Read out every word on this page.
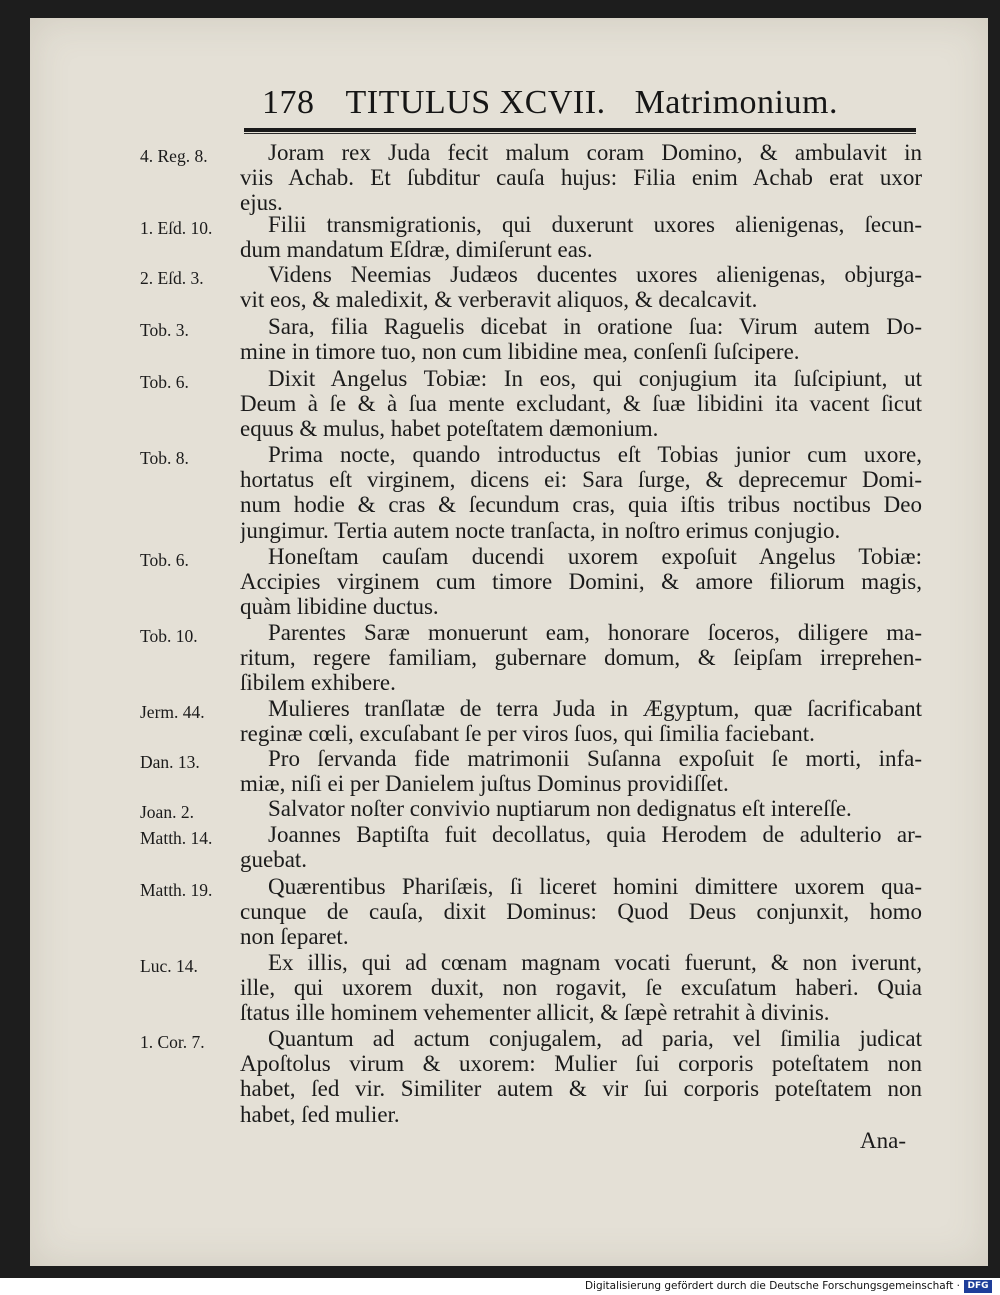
178 TITULUS XCVII. Matrimonium.
4. Reg. 8.	Joram rex Juda fecit malum coram Domino, & ambulavit in
viis Achab. Et ſubditur cauſa hujus: Filia enim Achab erat uxor
ejus.
1. Eſd. 10.	Filii transmigrationis, qui duxerunt uxores alienigenas, ſecun-
dum mandatum Eſdræ, dimiſerunt eas.
2. Eſd. 3.	Videns Neemias Judæos ducentes uxores alienigenas, objurga-
vit eos, & maledixit, & verberavit aliquos, & decalcavit.
Tob. 3.	Sara, filia Raguelis dicebat in oratione ſua: Virum autem Do-
mine in timore tuo, non cum libidine mea, conſenſi ſuſcipere.
Tob. 6.	Dixit Angelus Tobiæ: In eos, qui conjugium ita ſuſcipiunt, ut
Deum à ſe & à ſua mente excludant, & ſuæ libidini ita vacent ſicut
equus & mulus, habet poteſtatem dæmonium.
Tob. 8.	Prima nocte, quando introductus eſt Tobias junior cum uxore,
hortatus eſt virginem, dicens ei: Sara ſurge, & deprecemur Domi-
num hodie & cras & ſecundum cras, quia iſtis tribus noctibus Deo
jungimur. Tertia autem nocte tranſacta, in noſtro erimus conjugio.
Tob. 6.	Honeſtam cauſam ducendi uxorem expoſuit Angelus Tobiæ:
Accipies virginem cum timore Domini, & amore filiorum magis,
quàm libidine ductus.
Tob. 10.	Parentes Saræ monuerunt eam, honorare ſoceros, diligere ma-
ritum, regere familiam, gubernare domum, & ſeipſam irreprehen-
ſibilem exhibere.
Jerm. 44.	Mulieres tranſlatæ de terra Juda in Ægyptum, quæ ſacrificabant
reginæ cœli, excuſabant ſe per viros ſuos, qui ſimilia faciebant.
Dan. 13.	Pro ſervanda fide matrimonii Suſanna expoſuit ſe morti, infa-
miæ, niſi ei per Danielem juſtus Dominus providiſſet.
Joan. 2.	Salvator noſter convivio nuptiarum non dedignatus eſt intereſſe.
Matth. 14.	Joannes Baptiſta fuit decollatus, quia Herodem de adulterio ar-
guebat.
Matth. 19.	Quærentibus Phariſæis, ſi liceret homini dimittere uxorem qua-
cunque de cauſa, dixit Dominus: Quod Deus conjunxit, homo
non ſeparet.
Luc. 14.	Ex illis, qui ad cœnam magnam vocati fuerunt, & non iverunt,
ille, qui uxorem duxit, non rogavit, ſe excuſatum haberi. Quia
ſtatus ille hominem vehementer allicit, & ſæpè retrahit à divinis.
1. Cor. 7.	Quantum ad actum conjugalem, ad paria, vel ſimilia judicat
Apoſtolus virum & uxorem: Mulier ſui corporis poteſtatem non
habet, ſed vir. Similiter autem & vir ſui corporis poteſtatem non
habet, ſed mulier.
Ana-
Digitalisierung gefördert durch die Deutsche Forschungsgemeinschaft · DFG
